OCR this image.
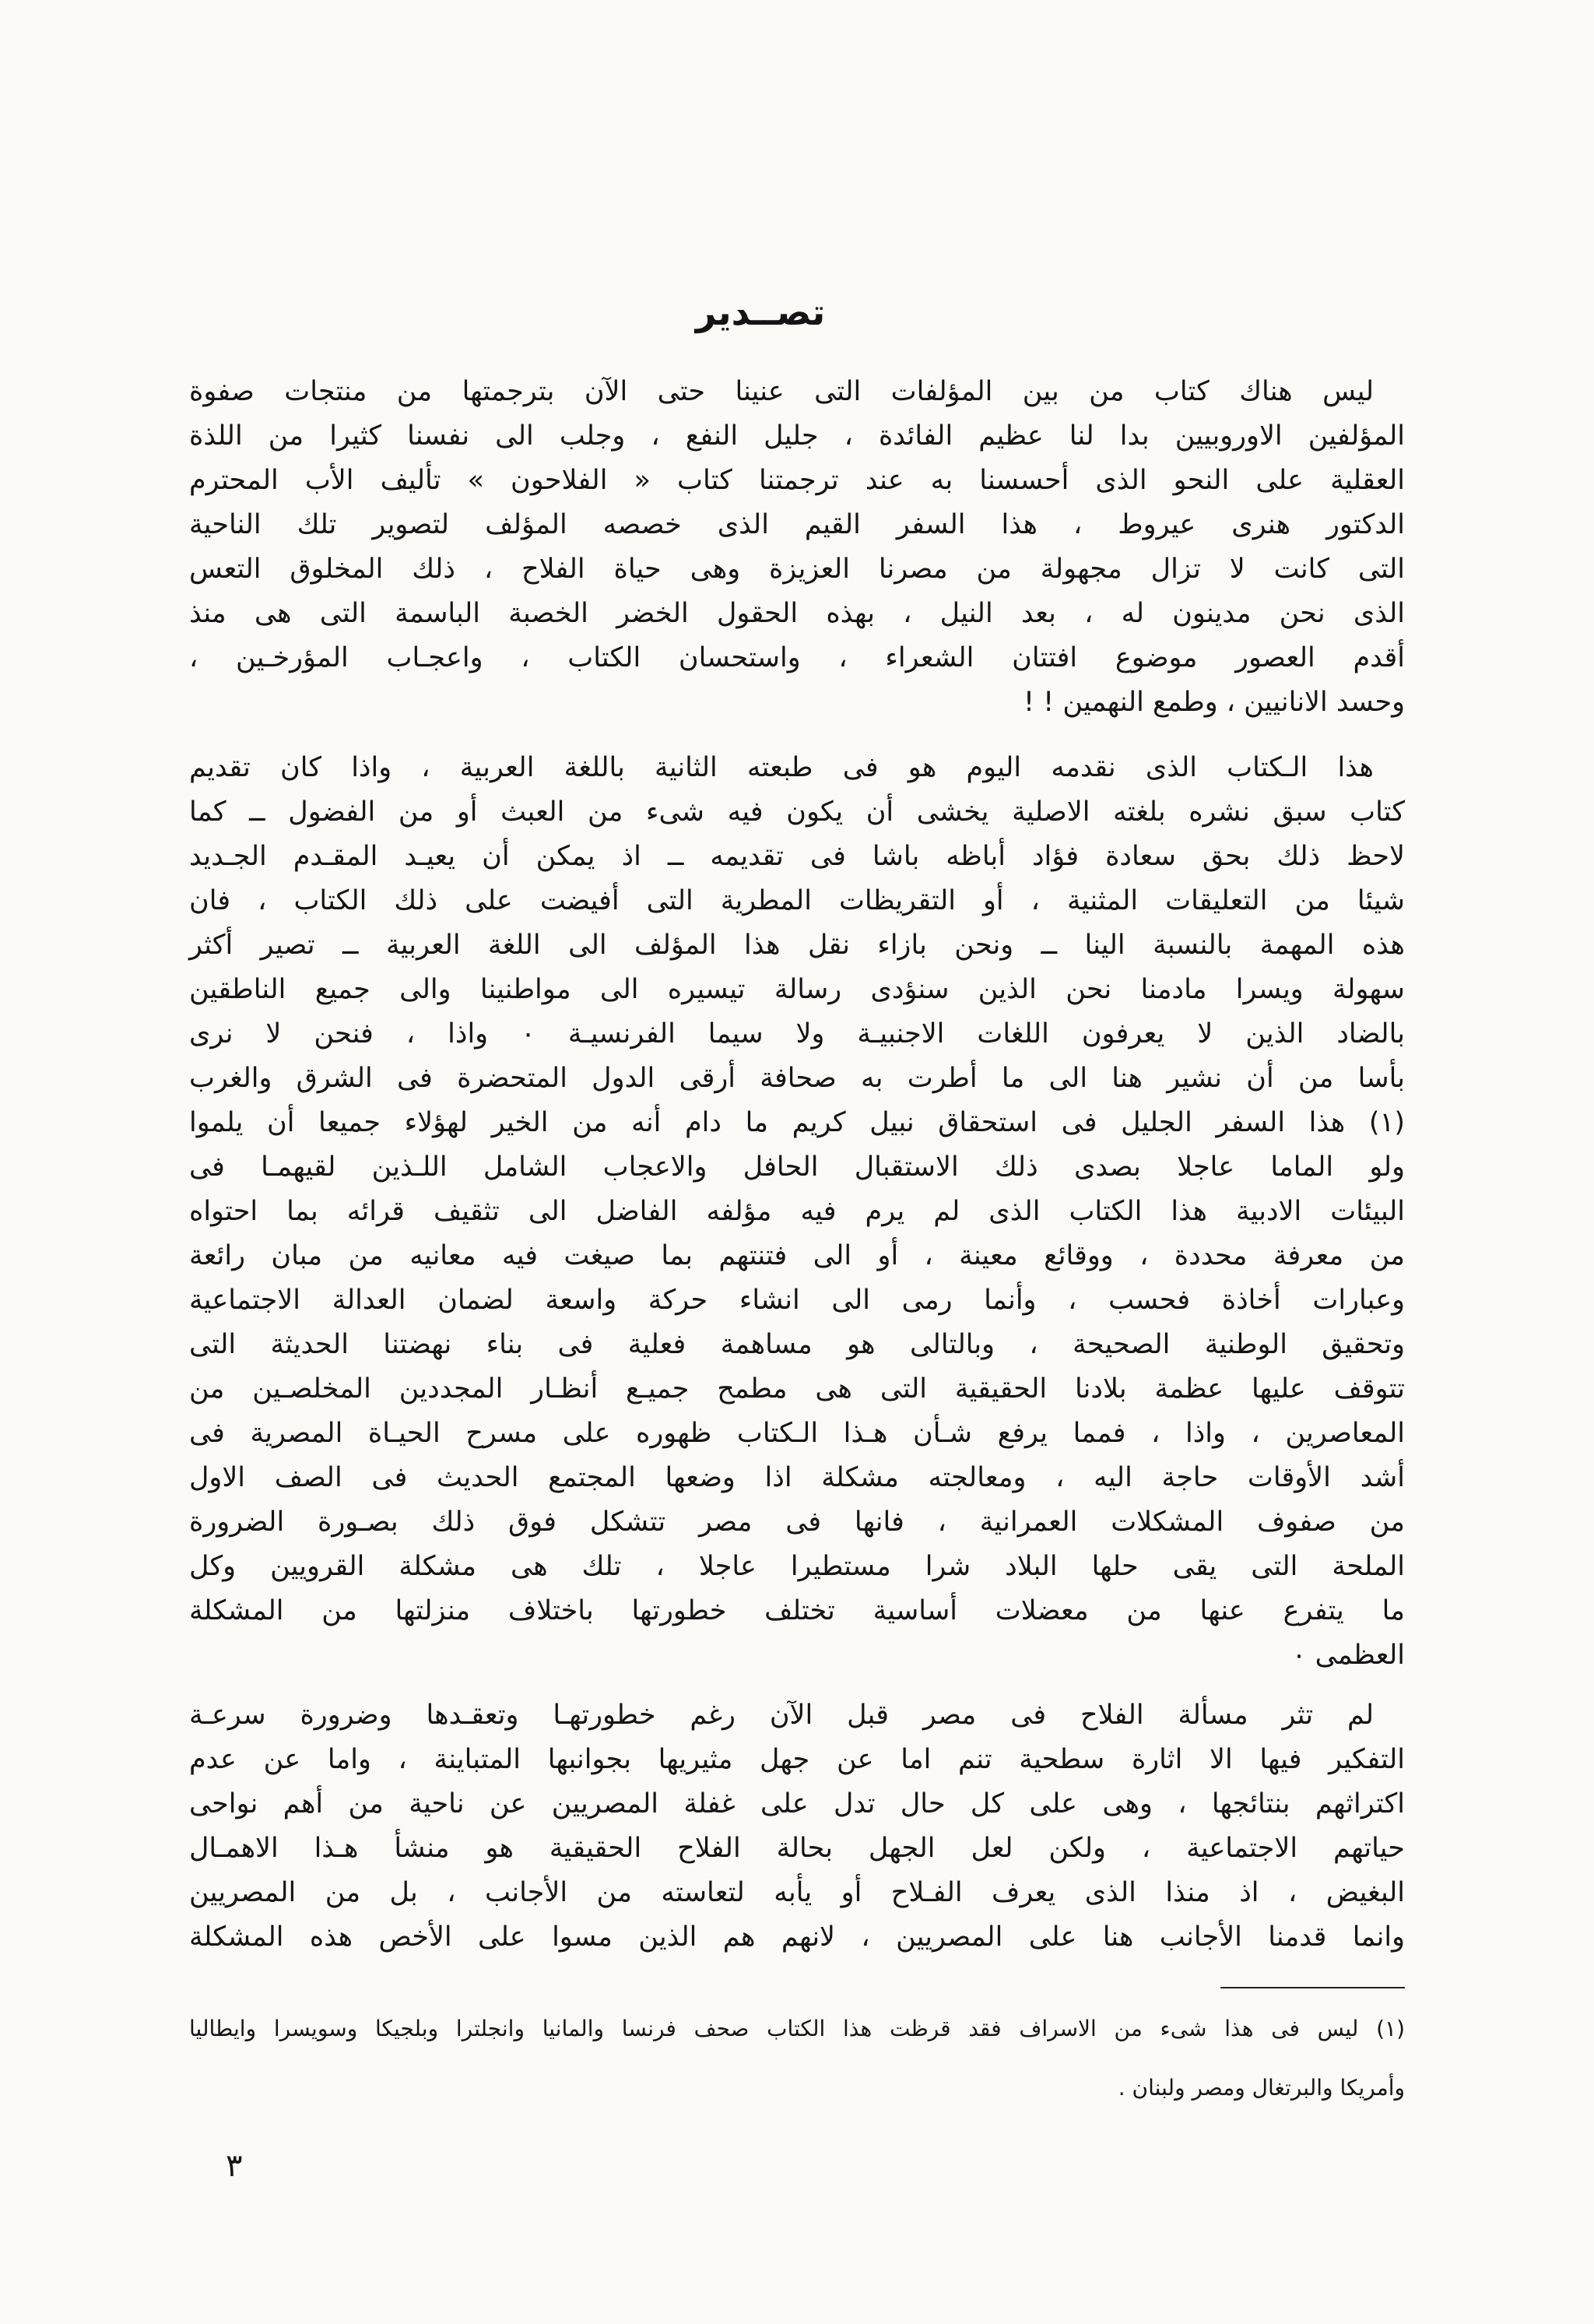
تصــدير

ليس هناك كتاب من بين المؤلفات التى عنينا حتى الآن بترجمتها من منتجات صفوة
المؤلفين الاوروبيين بدا لنا عظيم الفائدة ، جليل النفع ، وجلب الى نفسنا كثيرا من اللذة
العقلية على النحو الذى أحسسنا به عند ترجمتنا كتاب « الفلاحون » تأليف الأب المحترم
الدكتور هنرى عيروط ، هذا السفر القيم الذى خصصه المؤلف لتصوير تلك الناحية
التى كانت لا تزال مجهولة من مصرنا العزيزة وهى حياة الفلاح ، ذلك المخلوق التعس
الذى نحن مدينون له ، بعد النيل ، بهذه الحقول الخضر الخصبة الباسمة التى هى منذ
أقدم العصور موضوع افتتان الشعراء ، واستحسان الكتاب ، واعجـاب المؤرخـين ،
وحسد الانانيين ، وطمع النهمين ! !

هذا الـكتاب الذى نقدمه اليوم هو فى طبعته الثانية باللغة العربية ، واذا كان تقديم
كتاب سبق نشره بلغته الاصلية يخشى أن يكون فيه شىء من العبث أو من الفضول ــ كما
لاحظ ذلك بحق سعادة فؤاد أباظه باشا فى تقديمه ــ اذ يمكن أن يعيـد المقـدم الجـديد
شيئا من التعليقات المثنية ، أو التقريظات المطرية التى أفيضت على ذلك الكتاب ، فان
هذه المهمة بالنسبة الينا ــ ونحن بازاء نقل هذا المؤلف الى اللغة العربية ــ تصير أكثر
سهولة ويسرا مادمنا نحن الذين سنؤدى رسالة تيسيره الى مواطنينا والى جميع الناطقين
بالضاد الذين لا يعرفون اللغات الاجنبيـة ولا سيما الفرنسيـة ٠ واذا ، فنحن لا نرى
بأسا من أن نشير هنا الى ما أطرت به صحافة أرقى الدول المتحضرة فى الشرق والغرب
(١) هذا السفر الجليل فى استحقاق نبيل كريم ما دام أنه من الخير لهؤلاء جميعا أن يلموا
ولو الماما عاجلا بصدى ذلك الاستقبال الحافل والاعجاب الشامل اللـذين لقيهمـا فى
البيئات الادبية هذا الكتاب الذى لم يرم فيه مؤلفه الفاضل الى تثقيف قرائه بما احتواه
من معرفة محددة ، ووقائع معينة ، أو الى فتنتهم بما صيغت فيه معانيه من مبان رائعة
وعبارات أخاذة فحسب ، وأنما رمى الى انشاء حركة واسعة لضمان العدالة الاجتماعية
وتحقيق الوطنية الصحيحة ، وبالتالى هو مساهمة فعلية فى بناء نهضتنا الحديثة التى
تتوقف عليها عظمة بلادنا الحقيقية التى هى مطمح جميـع أنظـار المجددين المخلصـين من
المعاصرين ، واذا ، فمما يرفع شـأن هـذا الـكتاب ظهوره على مسرح الحيـاة المصرية فى
أشد الأوقات حاجة اليه ، ومعالجته مشكلة اذا وضعها المجتمع الحديث فى الصف الاول
من صفوف المشكلات العمرانية ، فانها فى مصر تتشكل فوق ذلك بصـورة الضرورة
الملحة التى يقى حلها البلاد شرا مستطيرا عاجلا ، تلك هى مشكلة القرويين وكل
ما يتفرع عنها من معضلات أساسية تختلف خطورتها باختلاف منزلتها من المشكلة
العظمى ٠

لم تثر مسألة الفلاح فى مصر قبل الآن رغم خطورتهـا وتعقـدها وضرورة سرعـة
التفكير فيها الا اثارة سطحية تنم اما عن جهل مثيريها بجوانبها المتباينة ، واما عن عدم
اكتراثهم بنتائجها ، وهى على كل حال تدل على غفلة المصريين عن ناحية من أهم نواحى
حياتهم الاجتماعية ، ولكن لعل الجهل بحالة الفلاح الحقيقية هو منشأ هـذا الاهمـال
البغيض ، اذ منذا الذى يعرف الفـلاح أو يأبه لتعاسته من الأجانب ، بل من المصريين
وانما قدمنا الأجانب هنا على المصريين ، لانهم هم الذين مسوا على الأخص هذه المشكلة

(١) ليس فى هذا شىء من الاسراف فقد قرظت هذا الكتاب صحف فرنسا والمانيا وانجلترا وبلجيكا وسويسرا وايطاليا
وأمريكا والبرتغال ومصر ولبنان .
٣
